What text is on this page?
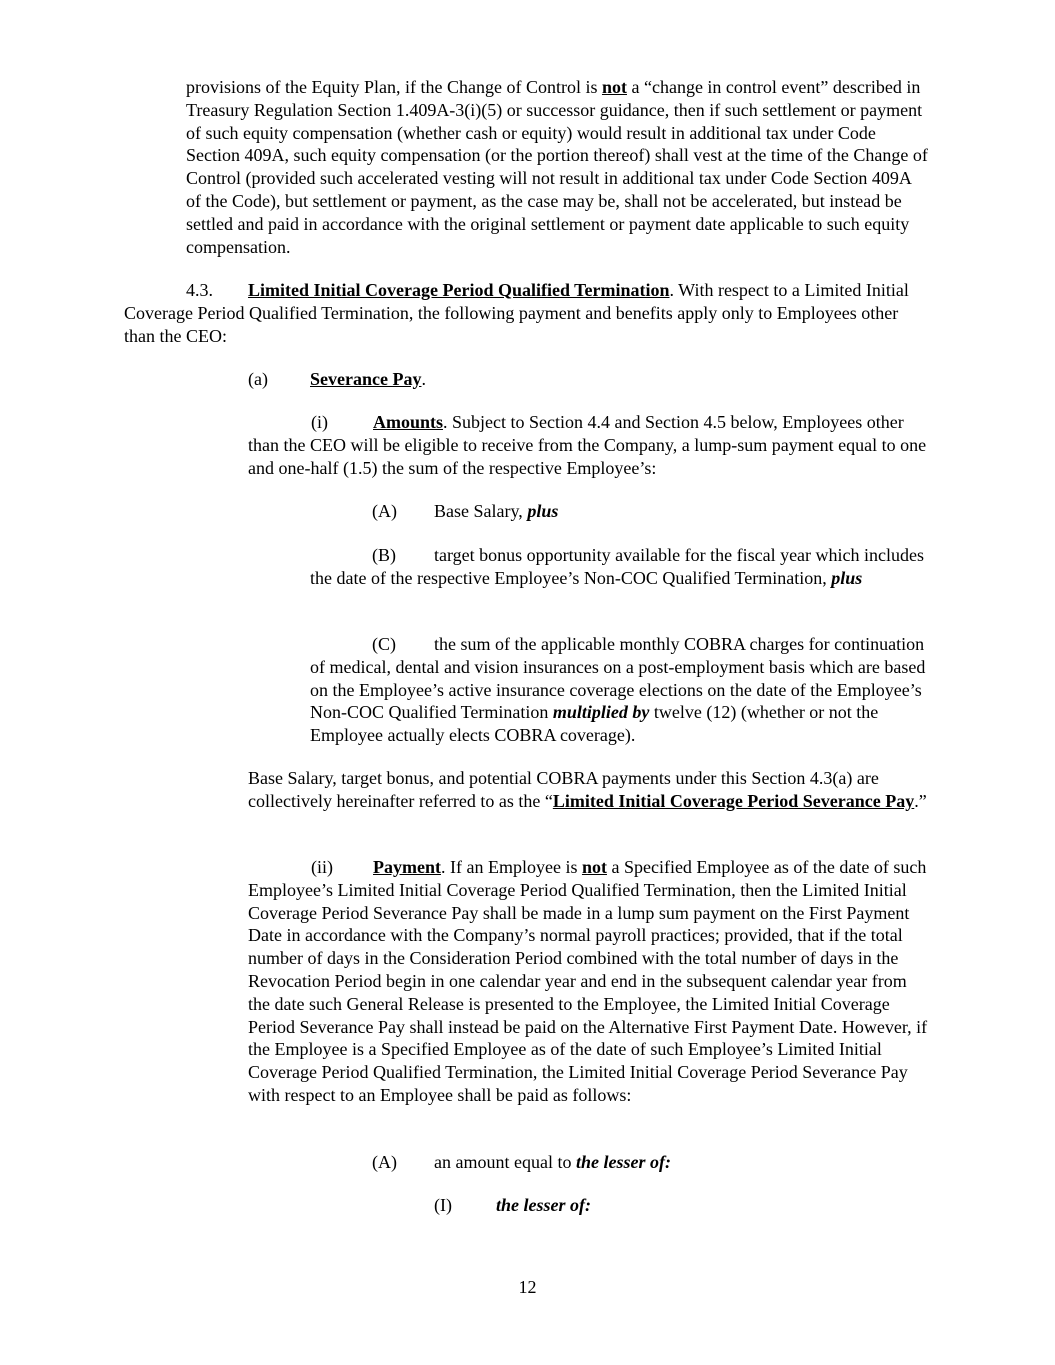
provisions of the Equity Plan, if the Change of Control is not a “change in control event” described in Treasury Regulation Section 1.409A-3(i)(5) or successor guidance, then if such settlement or payment of such equity compensation (whether cash or equity) would result in additional tax under Code Section 409A, such equity compensation (or the portion thereof) shall vest at the time of the Change of Control (provided such accelerated vesting will not result in additional tax under Code Section 409A of the Code), but settlement or payment, as the case may be, shall not be accelerated, but instead be settled and paid in accordance with the original settlement or payment date applicable to such equity compensation.

4.3. Limited Initial Coverage Period Qualified Termination. With respect to a Limited Initial Coverage Period Qualified Termination, the following payment and benefits apply only to Employees other than the CEO:

(a) Severance Pay.

(i)	Amounts. Subject to Section 4.4 and Section 4.5 below, Employees other than the CEO will be eligible to receive from the Company, a lump-sum payment equal to one and one-half (1.5) the sum of the respective Employee’s:

(A) Base Salary, plus

(B) target bonus opportunity available for the fiscal year which includes the date of the respective Employee’s Non-COC Qualified Termination, plus

(C) the sum of the applicable monthly COBRA charges for continuation of medical, dental and vision insurances on a post-employment basis which are based on the Employee’s active insurance coverage elections on the date of the Employee’s Non-COC Qualified Termination multiplied by twelve (12) (whether or not the Employee actually elects COBRA coverage).

Base Salary, target bonus, and potential COBRA payments under this Section 4.3(a) are collectively hereinafter referred to as the “Limited Initial Coverage Period Severance Pay.”

(ii) Payment. If an Employee is not a Specified Employee as of the date of such Employee’s Limited Initial Coverage Period Qualified Termination, then the Limited Initial Coverage Period Severance Pay shall be made in a lump sum payment on the First Payment Date in accordance with the Company’s normal payroll practices; provided, that if the total number of days in the Consideration Period combined with the total number of days in the Revocation Period begin in one calendar year and end in the subsequent calendar year from the date such General Release is presented to the Employee, the Limited Initial Coverage Period Severance Pay shall instead be paid on the Alternative First Payment Date. However, if the Employee is a Specified Employee as of the date of such Employee’s Limited Initial Coverage Period Qualified Termination, the Limited Initial Coverage Period Severance Pay with respect to an Employee shall be paid as follows:

(A) an amount equal to the lesser of:

(I) the lesser of:

12
